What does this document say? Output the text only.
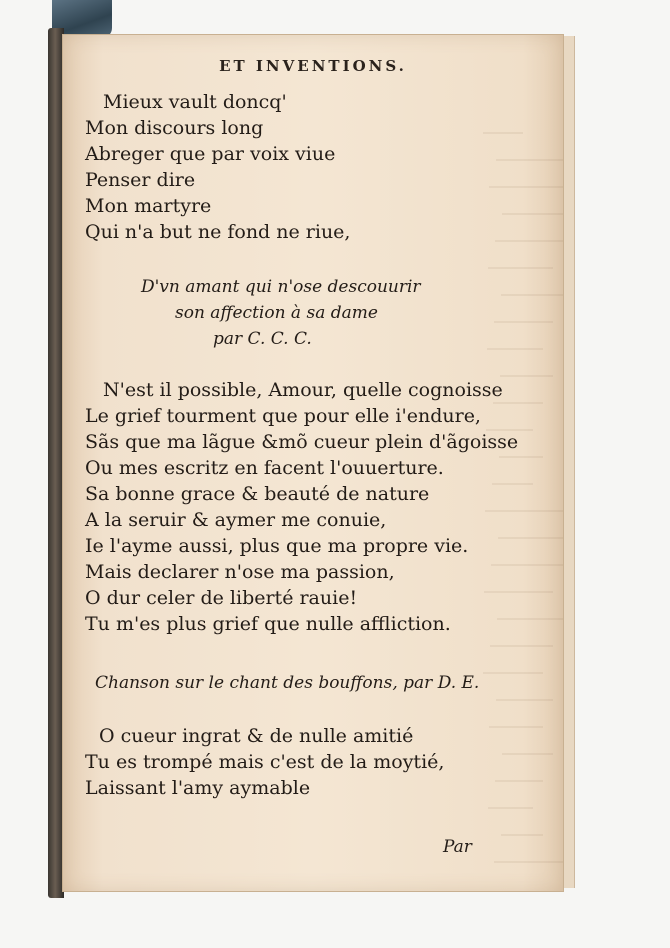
ET INVENTIONS.
Mieux vault doncq'
Mon discours long
Abreger que par voix viue
Penser dire
Mon martyre
Qui n'a but ne fond ne riue,
D'vn amant qui n'ose descouurir
son affection à sa dame
par C. C. C.
N'est il possible, Amour, quelle cognoisse
Le grief tourment que pour elle i'endure,
Sãs que ma lãgue &mõ cueur plein d'ãgoisse
Ou mes escritz en facent l'ouuerture.
Sa bonne grace & beauté de nature
A la seruir & aymer me conuie,
Ie l'ayme aussi, plus que ma propre vie.
Mais declarer n'ose ma passion,
O dur celer de liberté rauie!
Tu m'es plus grief que nulle affliction.
Chanson sur le chant des bouffons, par D. E.
O cueur ingrat & de nulle amitié
Tu es trompé mais c'est de la moytié,
Laissant l'amy aymable
Par
